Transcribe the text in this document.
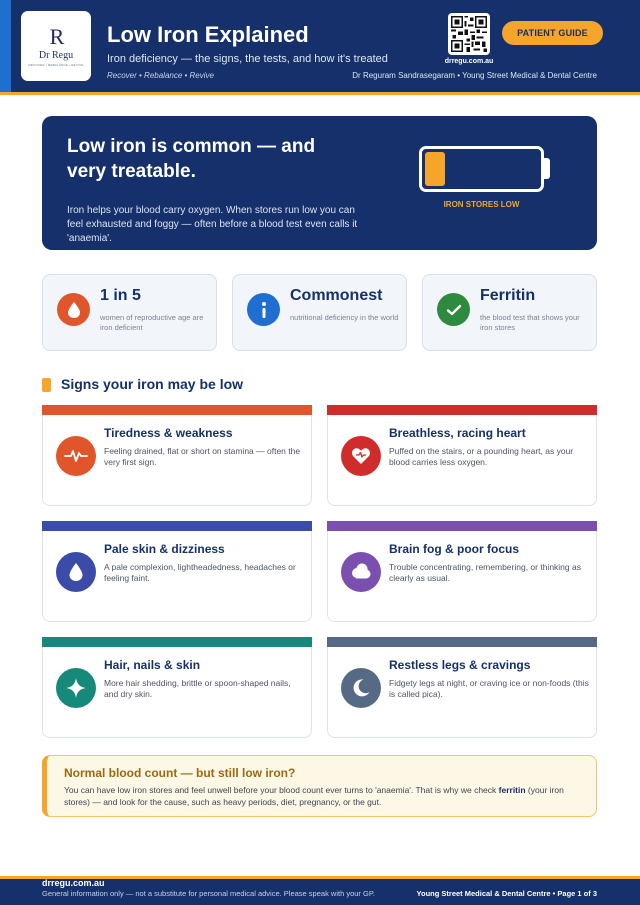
R
Dr Regu
RECOVER • REBALANCE • REVIVE
Low Iron Explained
Iron deficiency — the signs, the tests, and how it's treated
Recover • Rebalance • Revive	Dr Reguram Sandrasegaram • Young Street Medical & Dental Centre
drregu.com.au
PATIENT GUIDE
Low iron is common — and very treatable.
Iron helps your blood carry oxygen. When stores run low you can feel exhausted and foggy — often before a blood test even calls it 'anaemia'.
IRON STORES LOW
1 in 5
women of reproductive age are iron deficient
Commonest
nutritional deficiency in the world
Ferritin
the blood test that shows your iron stores
Signs your iron may be low
Tiredness & weakness
Feeling drained, flat or short on stamina — often the very first sign.
Breathless, racing heart
Puffed on the stairs, or a pounding heart, as your blood carries less oxygen.
Pale skin & dizziness
A pale complexion, lightheadedness, headaches or feeling faint.
Brain fog & poor focus
Trouble concentrating, remembering, or thinking as clearly as usual.
Hair, nails & skin
More hair shedding, brittle or spoon-shaped nails, and dry skin.
Restless legs & cravings
Fidgety legs at night, or craving ice or non-foods (this is called pica).
Normal blood count — but still low iron?
You can have low iron stores and feel unwell before your blood count ever turns to 'anaemia'. That is why we check ferritin (your iron stores) — and look for the cause, such as heavy periods, diet, pregnancy, or the gut.
drregu.com.au
General information only — not a substitute for personal medical advice. Please speak with your GP.	Young Street Medical & Dental Centre • Page 1 of 3
